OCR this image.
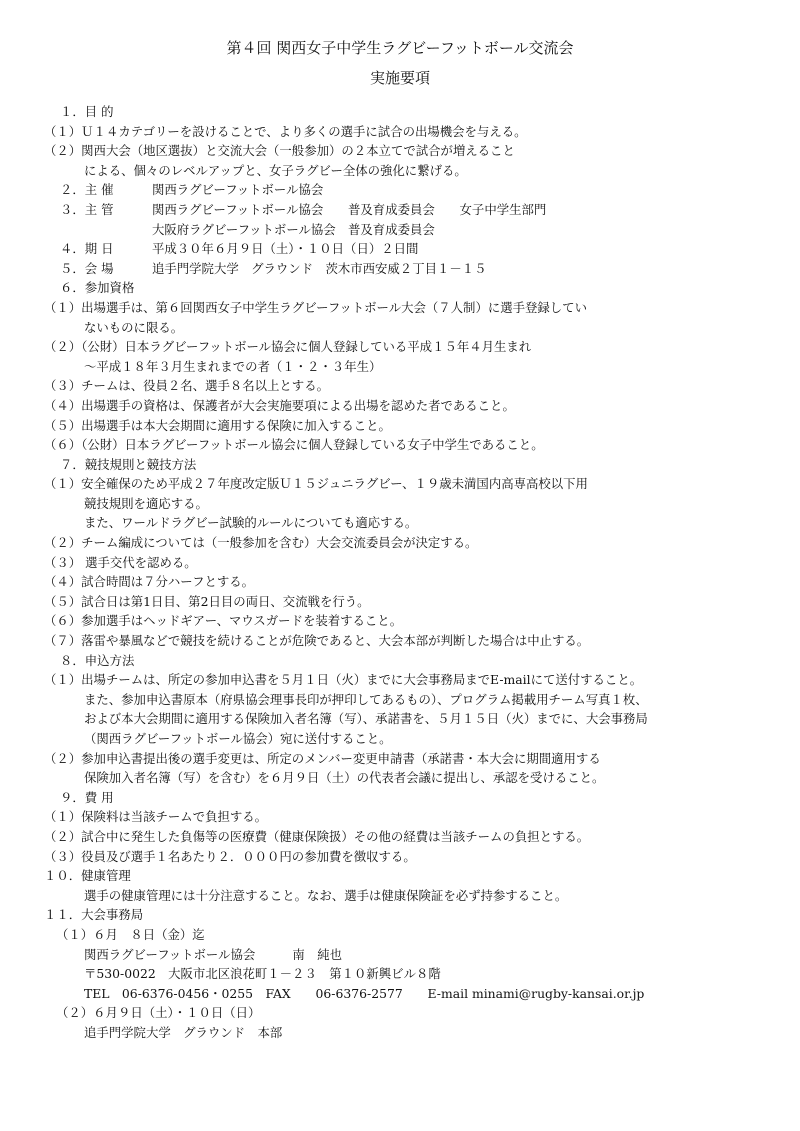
第４回 関西女子中学生ラグビーフットボール交流会
実施要項
１．目 的
（１）Ｕ１４カテゴリーを設けることで、より多くの選手に試合の出場機会を与える。
（２）関西大会（地区選抜）と交流大会（一般参加）の２本立てで試合が増えること
による、個々のレベルアップと、女子ラグビー全体の強化に繋げる。
２．主 催	関西ラグビーフットボール協会
３．主 管	関西ラグビーフットボール協会　　普及育成委員会　　女子中学生部門
大阪府ラグビーフットボール協会　普及育成委員会
４．期 日	平成３０年６月９日（土）・１０日（日）２日間
５．会 場	追手門学院大学　グラウンド　茨木市西安威２丁目１－１５
６．参加資格
（１）出場選手は、第６回関西女子中学生ラグビーフットボール大会（７人制）に選手登録してい
ないものに限る。
（２）（公財）日本ラグビーフットボール協会に個人登録している平成１５年４月生まれ
～平成１８年３月生まれまでの者（１・２・３年生）
（３）チームは、役員２名、選手８名以上とする。
（４）出場選手の資格は、保護者が大会実施要項による出場を認めた者であること。
（５）出場選手は本大会期間に適用する保険に加入すること。
（６）（公財）日本ラグビーフットボール協会に個人登録している女子中学生であること。
７．競技規則と競技方法
（１）安全確保のため平成２７年度改定版Ｕ１５ジュニラグビー、１９歳未満国内高専高校以下用
競技規則を適応する。
また、ワールドラグビー試験的ルールについても適応する。
（２）チーム編成については（一般参加を含む）大会交流委員会が決定する。
（３） 選手交代を認める。
（４）試合時間は７分ハーフとする。
（５）試合日は第1日目、第2日目の両日、交流戦を行う。
（６）参加選手はヘッドギアー、マウスガードを装着すること。
（７）落雷や暴風などで競技を続けることが危険であると、大会本部が判断した場合は中止する。
８．申込方法
（１）出場チームは、所定の参加申込書を５月１日（火）までに大会事務局までE-mailにて送付すること。
また、参加申込書原本（府県協会理事長印が押印してあるもの）、プログラム掲載用チーム写真１枚、
および本大会期間に適用する保険加入者名簿（写）、承諾書を、５月１５日（火）までに、大会事務局
（関西ラグビーフットボール協会）宛に送付すること。
（２）参加申込書提出後の選手変更は、所定のメンバー変更申請書（承諾書・本大会に期間適用する
保険加入者名簿（写）を含む）を６月９日（土）の代表者会議に提出し、承認を受けること。
９．費 用
（１）保険料は当該チームで負担する。
（２）試合中に発生した負傷等の医療費（健康保険扱）その他の経費は当該チームの負担とする。
（３）役員及び選手１名あたり２．０００円の参加費を徴収する。
１０．健康管理
選手の健康管理には十分注意すること。なお、選手は健康保険証を必ず持参すること。
１１．大会事務局
（１）６月　８日（金）迄
関西ラグビーフットボール協会　　　南　純也
〒530-0022　大阪市北区浪花町１－２３　第１０新興ビル８階
TEL　06-6376-0456・0255　FAX　　06-6376-2577　　E-mail minami@rugby-kansai.or.jp
（２）６月９日（土）・１０日（日）
追手門学院大学　グラウンド　本部
